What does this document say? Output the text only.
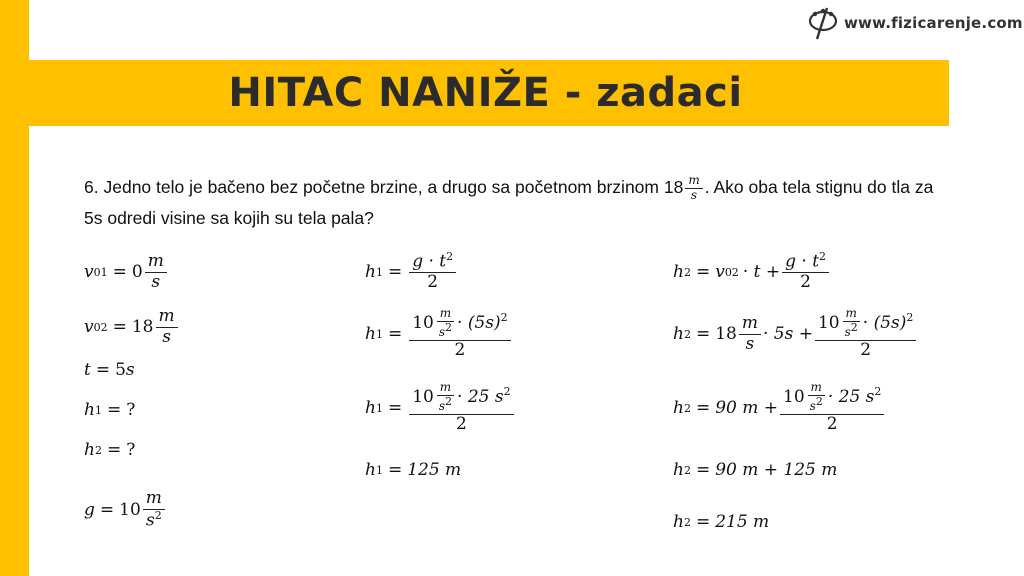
www.fizicarenje.com
HITAC NANIŽE - zadaci
6. Jedno telo je bačeno bez početne brzine, a drugo sa početnom brzinom $18 \frac{m}{s}$ . Ako oba tela stignu do tla za 5s odredi visine sa kojih su tela pala?
v $01 = 0 \frac{m}{s}$
v $02 = 18 \frac{m}{s}$
t = 5 s
h 1 = ?
h 2 = ?
$g = 10 \frac{m}{s^2}$
h $1 = \frac{g \cdot t^2}{2}$
h $1 = \frac{10 \frac{m}{s^2} \cdot (5s)^2}{2}$
h $1 = \frac{10 \frac{m}{s^2} \cdot 25 s^2}{2}$
h 1 = 125 m
h 2 = v $02 \cdot t + \frac{g \cdot t^2}{2}$
h $2 = 18 \frac{m}{s} \cdot 5s + \frac{10 \frac{m}{s^2} \cdot (5s)^2}{2}$
h 2 = 90 $m + \frac{10 \frac{m}{s^2} \cdot 25 s^2}{2}$
h 2 = 90 m + 125 m
h 2 = 215 m
